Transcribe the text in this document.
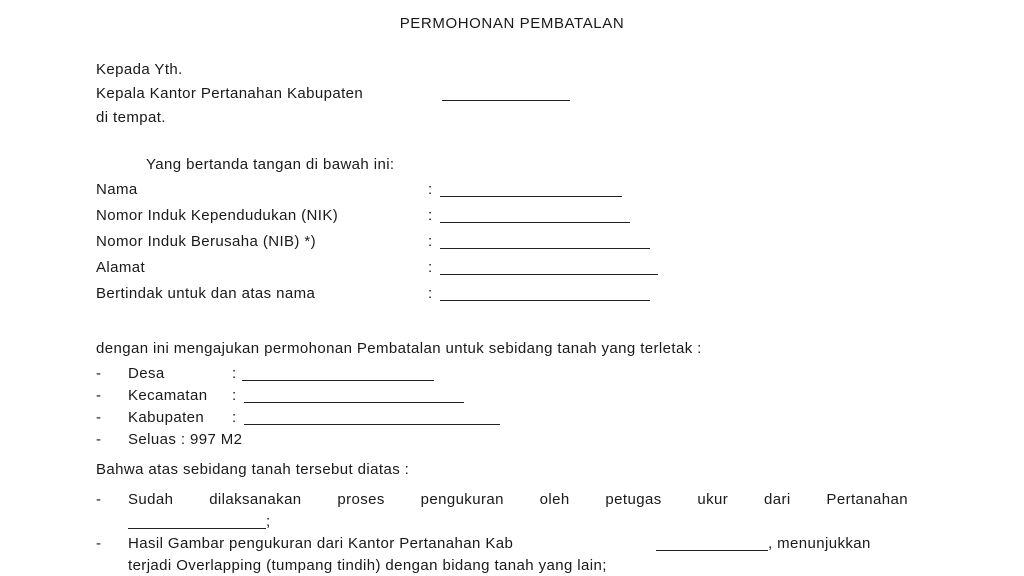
PERMOHONAN PEMBATALAN
Kepada Yth.
Kepala Kantor Pertanahan Kabupaten
di tempat.
Yang bertanda tangan di bawah ini:
Nama	:
Nomor Induk Kependudukan (NIK)	:
Nomor Induk Berusaha (NIB) *)	:
Alamat	:
Bertindak untuk dan atas nama	:
dengan ini mengajukan permohonan Pembatalan untuk sebidang tanah yang terletak :
- Desa	:
- Kecamatan :
- Kabupaten :
- Seluas : 997 M2
Bahwa atas sebidang tanah tersebut diatas :
- Sudah dilaksanakan proses pengukuran oleh petugas ukur dari Pertanahan
;
- Hasil Gambar pengukuran dari Kantor Pertanahan Kab	, menunjukkan
terjadi Overlapping (tumpang tindih) dengan bidang tanah yang lain;
